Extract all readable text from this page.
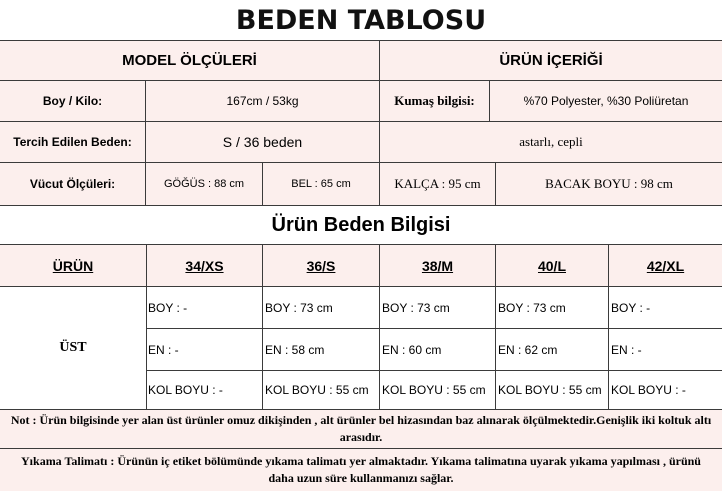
BEDEN TABLOSU
MODEL ÖLÇÜLERİ	ÜRÜN İÇERİĞİ
Boy / Kilo:	167cm / 53kg	Kumaş bilgisi:	%70 Polyester, %30 Poliüretan
Tercih Edilen Beden:	S / 36 beden	astarlı, cepli
Vücut Ölçüleri:	GÖĞÜS : 88 cm	BEL : 65 cm	KALÇA : 95 cm	BACAK BOYU : 98 cm
Ürün Beden Bilgisi
ÜRÜN	34/XS	36/S	38/M	40/L	42/XL
ÜST
BOY : -	BOY : 73 cm	BOY : 73 cm	BOY : 73 cm	BOY : -
EN : -	EN : 58 cm	EN : 60 cm	EN : 62 cm	EN : -
KOL BOYU : -	KOL BOYU : 55 cm	KOL BOYU : 55 cm	KOL BOYU : 55 cm KOL BOYU : -
Not : Ürün bilgisinde yer alan üst ürünler omuz dikişinden , alt ürünler bel hizasından baz alınarak ölçülmektedir.Genişlik iki koltuk altı arasıdır.
Yıkama Talimatı : Ürünün iç etiket bölümünde yıkama talimatı yer almaktadır. Yıkama talimatına uyarak yıkama yapılması , ürünü daha uzun süre kullanmanızı sağlar.
